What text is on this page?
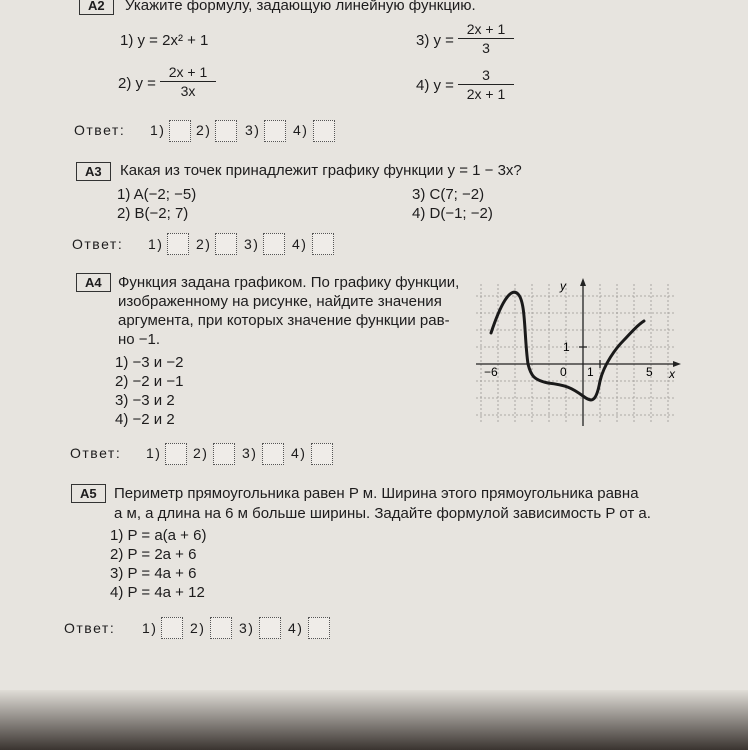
A2	Укажите формулу, задающую линейную функцию.
1) y = 2x² + 1
2) $y = \frac{2x + 1}{3x}$
3) $y = \frac{2x + 1}{3}$
4) $y = \frac{3}{2x + 1}$
Ответ: 1) 2) 3) 4)
A3	Какая из точек принадлежит графику функции y = 1 − 3x?
1) A(−2; −5)
2) B(−2; 7)
3) C(7; −2)
4) D(−1; −2)
Ответ: 1) 2) 3) 4)
A4	Функция задана графиком. По графику функции,
изображенному на рисунке, найдите значения
аргумента, при которых значение функции рав-
но −1.
1) −3 и −2
2) −2 и −1
3) −3 и 2
4) −2 и 2
y
x
−6	0 1	5
1
Ответ: 1) 2) 3) 4)
A5	Периметр прямоугольника равен P м. Ширина этого прямоугольника равна
a м, а длина на 6 м больше ширины. Задайте формулой зависимость P от a.
1) P = a(a + 6)
2) P = 2a + 6
3) P = 4a + 6
4) P = 4a + 12
Ответ: 1) 2) 3) 4)
